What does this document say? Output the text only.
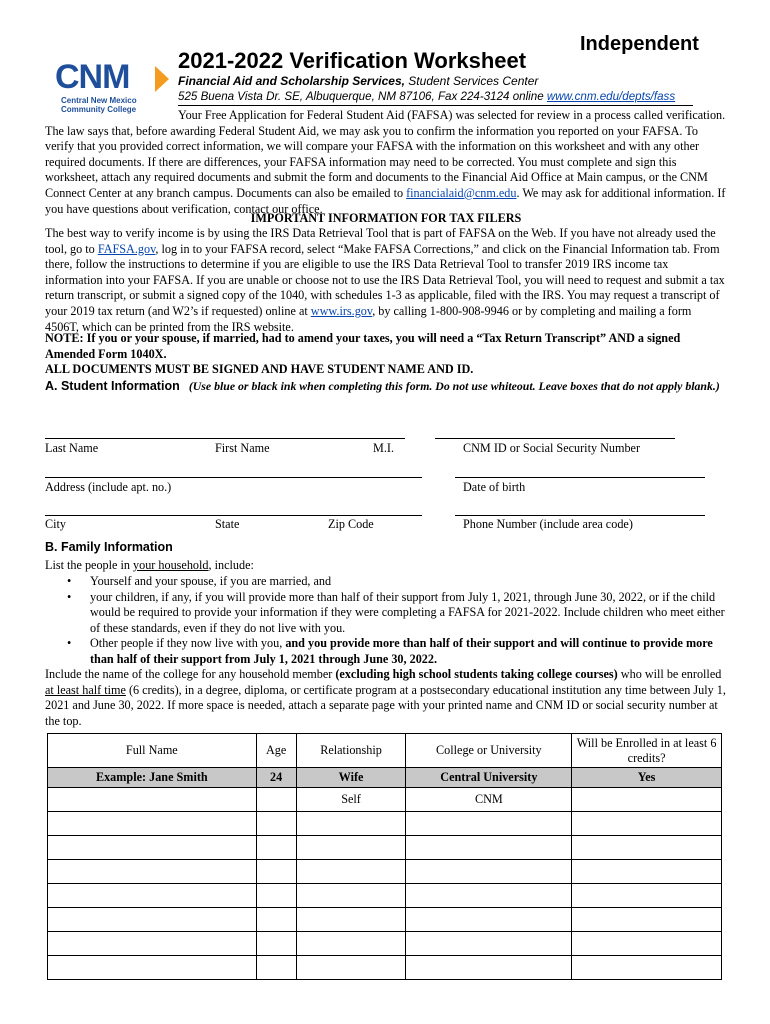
CNM
Central New Mexico
Community College
2021-2022 Verification Worksheet
Independent
Financial Aid and Scholarship Services, Student Services Center
525 Buena Vista Dr. SE, Albuquerque, NM 87106, Fax 224-3124 online www.cnm.edu/depts/fass
Your Free Application for Federal Student Aid (FAFSA) was selected for review in a process called verification. The law says that, before awarding Federal Student Aid, we may ask you to confirm the information you reported on your FAFSA. To verify that you provided correct information, we will compare your FAFSA with the information on this worksheet and with any other required documents. If there are differences, your FAFSA information may need to be corrected. You must complete and sign this worksheet, attach any required documents and submit the form and documents to the Financial Aid Office at Main campus, or the CNM Connect Center at any branch campus. Documents can also be emailed to financialaid@cnm.edu. We may ask for additional information. If you have questions about verification, contact our office.
IMPORTANT INFORMATION FOR TAX FILERS
The best way to verify income is by using the IRS Data Retrieval Tool that is part of FAFSA on the Web. If you have not already used the tool, go to FAFSA.gov, log in to your FAFSA record, select “Make FAFSA Corrections,” and click on the Financial Information tab. From there, follow the instructions to determine if you are eligible to use the IRS Data Retrieval Tool to transfer 2019 IRS income tax information into your FAFSA. If you are unable or choose not to use the IRS Data Retrieval Tool, you will need to request and submit a tax return transcript, or submit a signed copy of the 1040, with schedules 1-3 as applicable, filed with the IRS. You may request a transcript of your 2019 tax return (and W2’s if requested) online at www.irs.gov, by calling 1-800-908-9946 or by completing and mailing a form 4506T, which can be printed from the IRS website.
NOTE: If you or your spouse, if married, had to amend your taxes, you will need a “Tax Return Transcript” AND a signed Amended Form 1040X.
ALL DOCUMENTS MUST BE SIGNED AND HAVE STUDENT NAME AND ID.
A. Student Information (Use blue or black ink when completing this form. Do not use whiteout. Leave boxes that do not apply blank.)
Last Name	First Name	M.I.	CNM ID or Social Security Number
Address (include apt. no.)	Date of birth
City	State	Zip Code	Phone Number (include area code)
B. Family Information
List the people in your household, include:
• Yourself and your spouse, if you are married, and
• your children, if any, if you will provide more than half of their support from July 1, 2021, through June 30, 2022, or if the child would be required to provide your information if they were completing a FAFSA for 2021-2022. Include children who meet either of these standards, even if they do not live with you.
• Other people if they now live with you, and you provide more than half of their support and will continue to provide more than half of their support from July 1, 2021 through June 30, 2022.
Include the name of the college for any household member (excluding high school students taking college courses) who will be enrolled at least half time (6 credits), in a degree, diploma, or certificate program at a postsecondary educational institution any time between July 1, 2021 and June 30, 2022. If more space is needed, attach a separate page with your printed name and CNM ID or social security number at the top.
Full Name	Age	Relationship	College or University	Will be Enrolled in at least 6 credits?
Example: Jane Smith	24	Wife	Central University	Yes
		Self	CNM	
